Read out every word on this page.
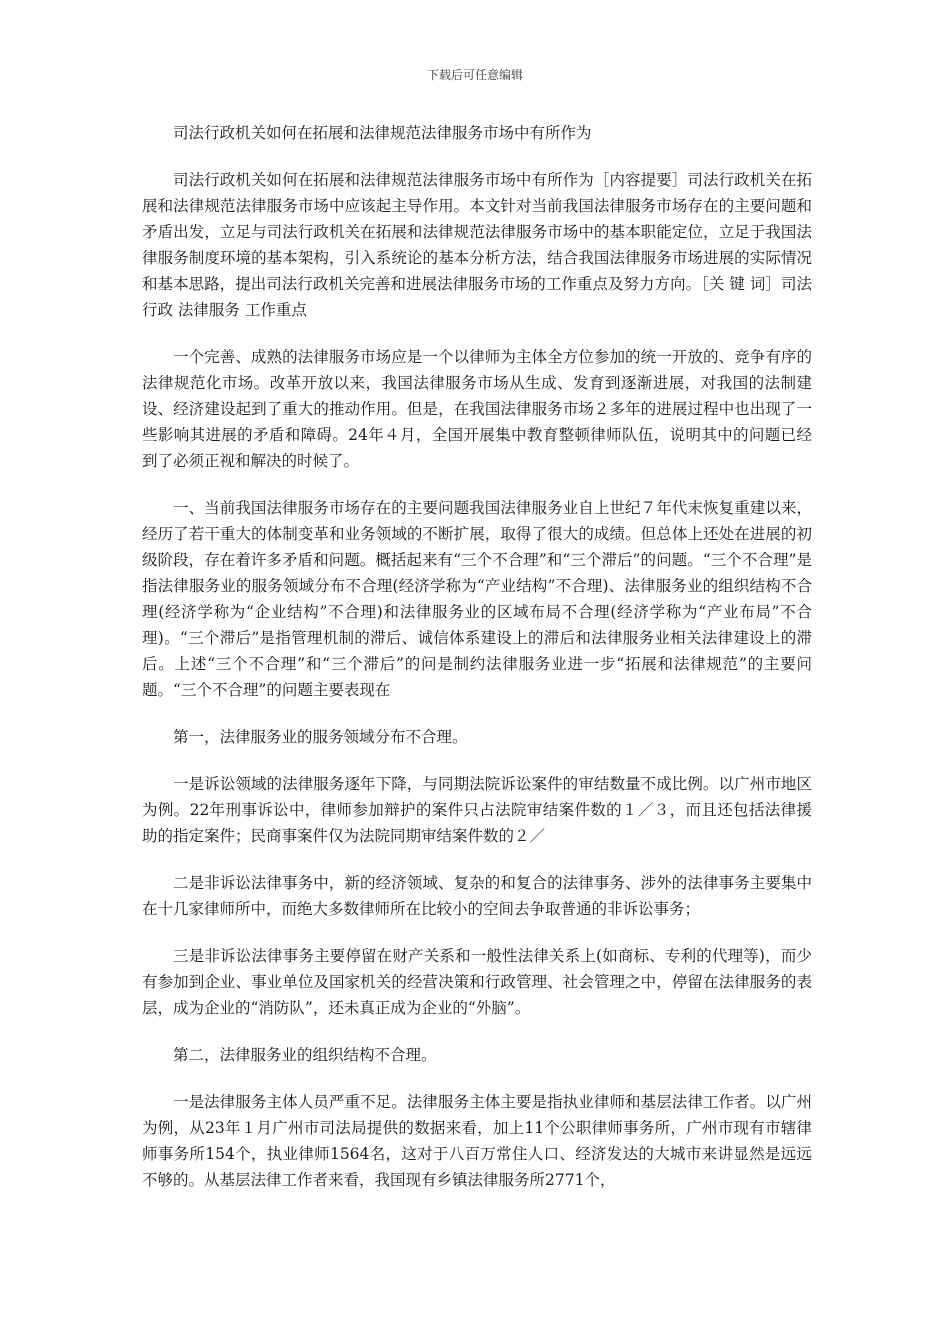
下载后可任意编辑

司法行政机关如何在拓展和法律规范法律服务市场中有所作为

司法行政机关如何在拓展和法律规范法律服务市场中有所作为［内容提要］司法行政机关在拓展和法律规范法律服务市场中应该起主导作用。本文针对当前我国法律服务市场存在的主要问题和矛盾出发，立足与司法行政机关在拓展和法律规范法律服务市场中的基本职能定位，立足于我国法律服务制度环境的基本架构，引入系统论的基本分析方法，结合我国法律服务市场进展的实际情况和基本思路，提出司法行政机关完善和进展法律服务市场的工作重点及努力方向。［关 键 词］司法行政 法律服务 工作重点

一个完善、成熟的法律服务市场应是一个以律师为主体全方位参加的统一开放的、竞争有序的法律规范化市场。改革开放以来，我国法律服务市场从生成、发育到逐渐进展，对我国的法制建设、经济建设起到了重大的推动作用。但是，在我国法律服务市场２多年的进展过程中也出现了一些影响其进展的矛盾和障碍。24年４月，全国开展集中教育整顿律师队伍，说明其中的问题已经到了必须正视和解决的时候了。

一、当前我国法律服务市场存在的主要问题我国法律服务业自上世纪７年代末恢复重建以来，经历了若干重大的体制变革和业务领域的不断扩展，取得了很大的成绩。但总体上还处在进展的初级阶段，存在着许多矛盾和问题。概括起来有“三个不合理”和“三个滞后”的问题。“三个不合理”是指法律服务业的服务领域分布不合理(经济学称为“产业结构”不合理)、法律服务业的组织结构不合理(经济学称为“企业结构”不合理)和法律服务业的区域布局不合理(经济学称为“产业布局”不合理)。“三个滞后”是指管理机制的滞后、诚信体系建设上的滞后和法律服务业相关法律建设上的滞后。上述“三个不合理”和“三个滞后”的问是制约法律服务业进一步“拓展和法律规范”的主要问题。“三个不合理”的问题主要表现在

第一，法律服务业的服务领域分布不合理。

一是诉讼领域的法律服务逐年下降，与同期法院诉讼案件的审结数量不成比例。以广州市地区为例。22年刑事诉讼中，律师参加辩护的案件只占法院审结案件数的１／３，而且还包括法律援助的指定案件；民商事案件仅为法院同期审结案件数的２／

二是非诉讼法律事务中，新的经济领域、复杂的和复合的法律事务、涉外的法律事务主要集中在十几家律师所中，而绝大多数律师所在比较小的空间去争取普通的非诉讼事务；

三是非诉讼法律事务主要停留在财产关系和一般性法律关系上(如商标、专利的代理等)，而少有参加到企业、事业单位及国家机关的经营决策和行政管理、社会管理之中，停留在法律服务的表层，成为企业的“消防队”，还未真正成为企业的“外脑”。

第二，法律服务业的组织结构不合理。

一是法律服务主体人员严重不足。法律服务主体主要是指执业律师和基层法律工作者。以广州为例，从23年１月广州市司法局提供的数据来看，加上11个公职律师事务所，广州市现有市辖律师事务所154个，执业律师1564名，这对于八百万常住人口、经济发达的大城市来讲显然是远远不够的。从基层法律工作者来看，我国现有乡镇法律服务所2771个，
